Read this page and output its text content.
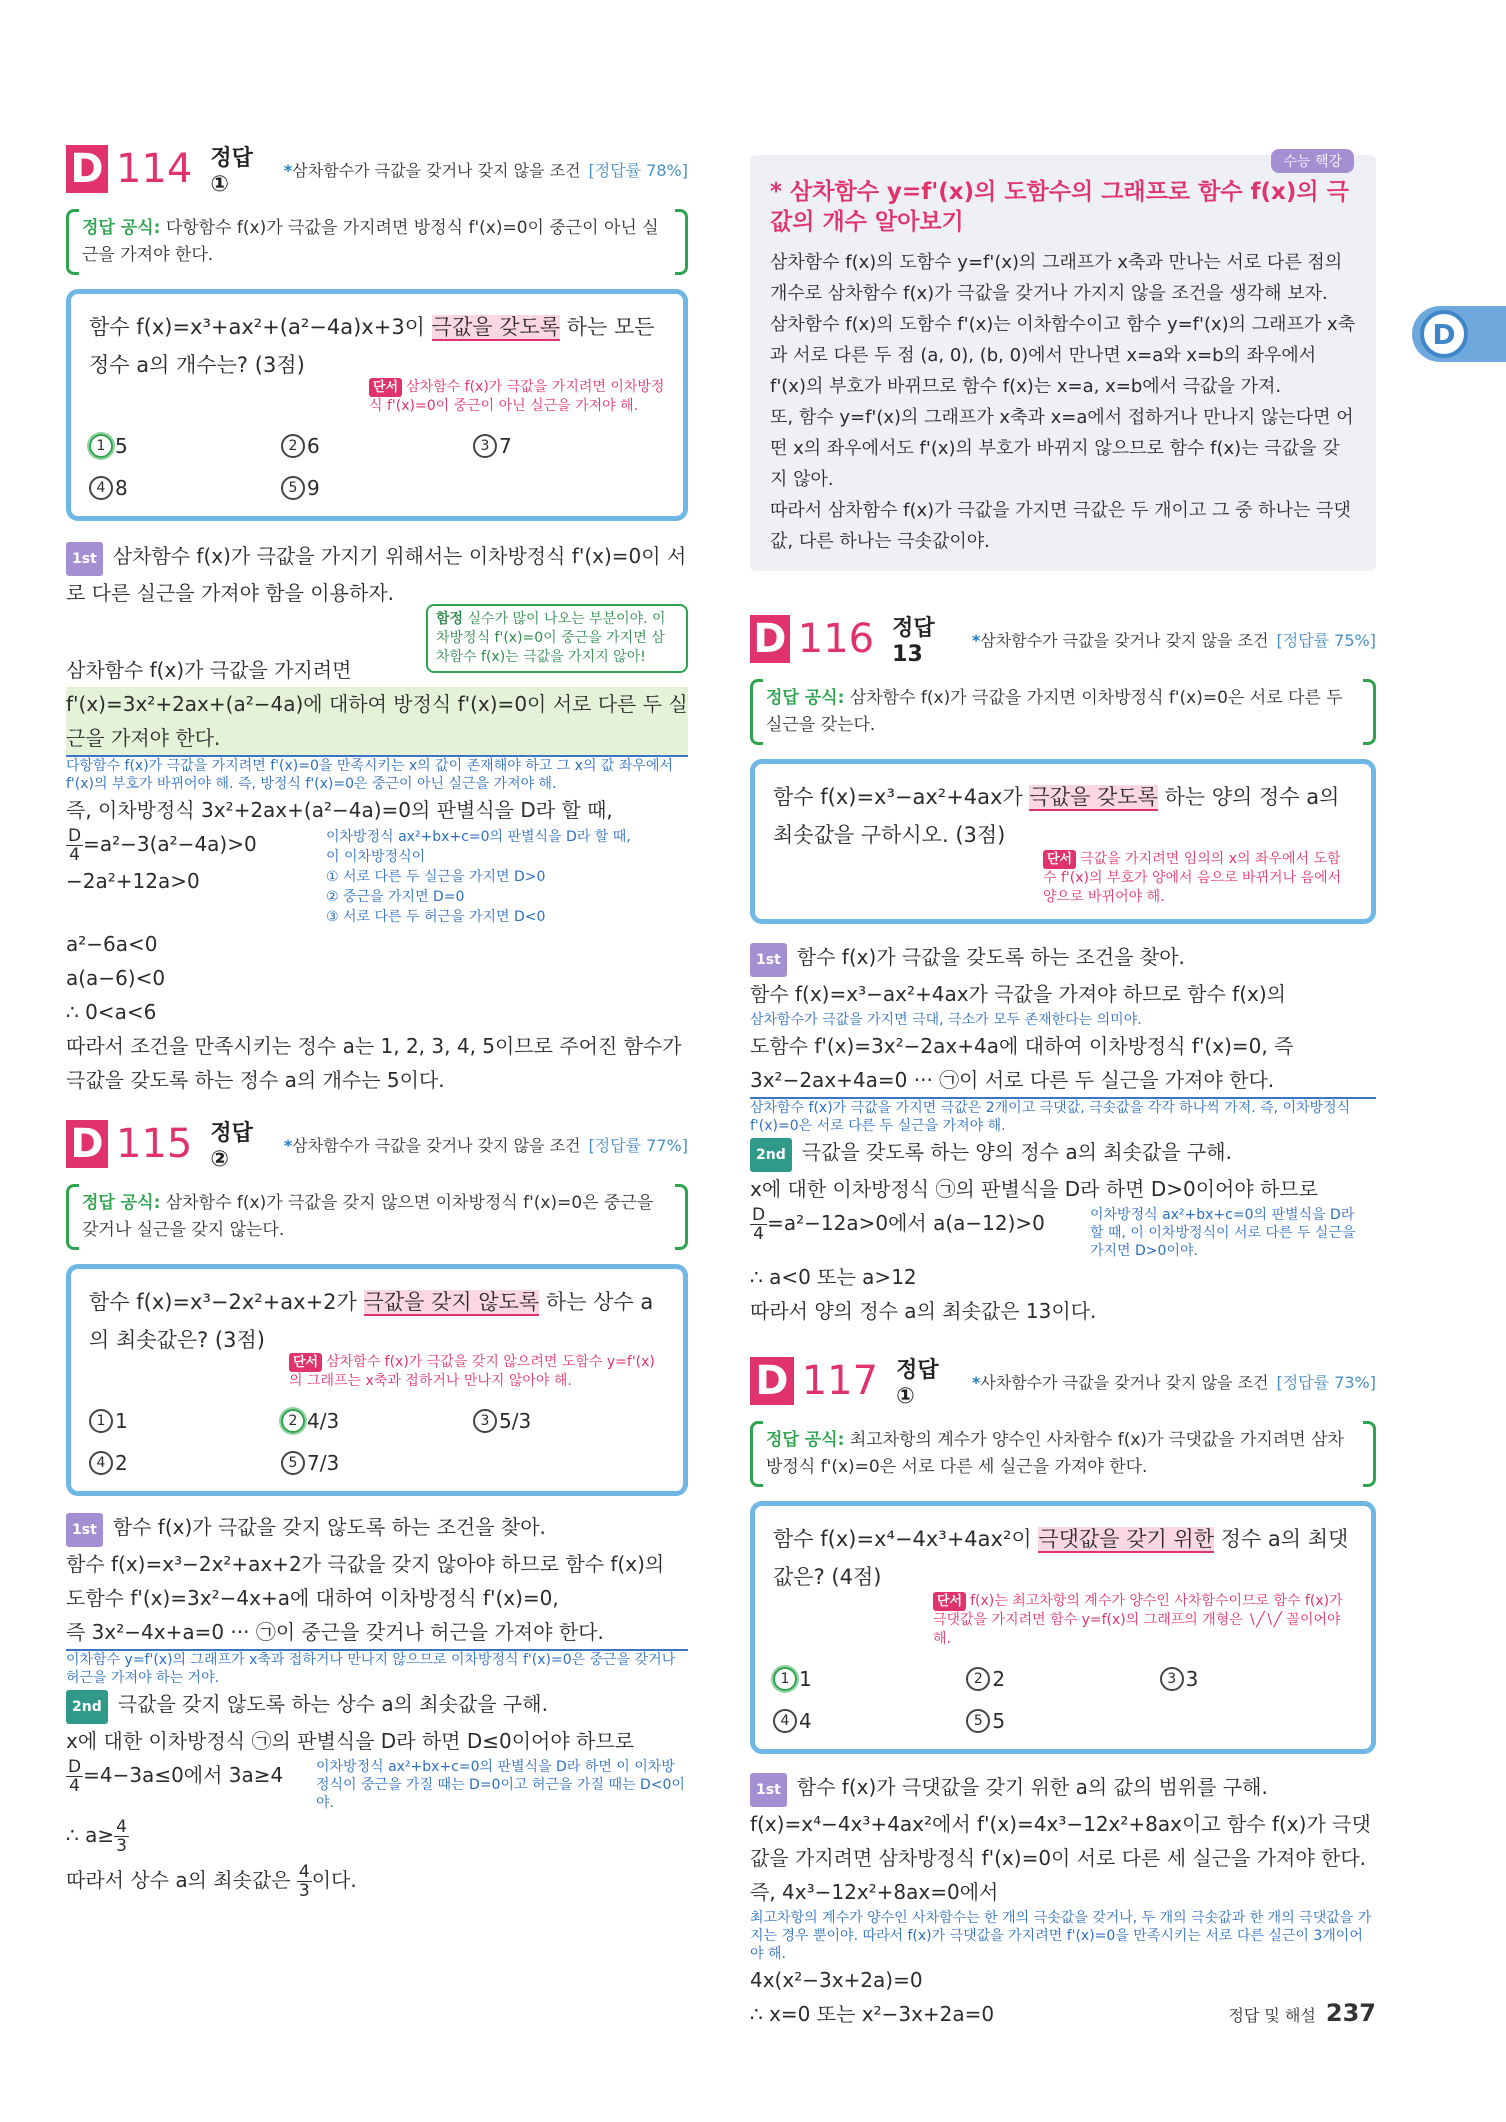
D
D 114 정답 ①
*삼차함수가 극값을 갖거나 갖지 않을 조건 [정답률 78%]
정답 공식: 다항함수 f(x)가 극값을 가지려면 방정식 f'(x)=0이 중근이 아닌 실근을 가져야 한다.
함수 f(x)=x³+ax²+(a²−4a)x+3이 극값을 갖도록 하는 모든 정수 a의 개수는? (3점)
단서 삼차함수 f(x)가 극값을 가지려면 이차방정식 f'(x)=0이 중근이 아닌 실근을 가져야 해.
1 5	2 6	3 7
4 8	5 9
1st 삼차함수 f(x)가 극값을 가지기 위해서는 이차방정식 f'(x)=0이 서로 다른 실근을 가져야 함을 이용하자.
함정 실수가 많이 나오는 부분이야. 이차방정식 f'(x)=0이 중근을 가지면 삼차함수 f(x)는 극값을 가지지 않아!
삼차함수 f(x)가 극값을 가지려면
f'(x)=3x²+2ax+(a²−4a)에 대하여 방정식 f'(x)=0이 서로 다른 두 실근을 가져야 한다.
다항함수 f(x)가 극값을 가지려면 f'(x)=0을 만족시키는 x의 값이 존재해야 하고 그 x의 값 좌우에서 f'(x)의 부호가 바뀌어야 해. 즉, 방정식 f'(x)=0은 중근이 아닌 실근을 가져야 해.
즉, 이차방정식 3x²+2ax+(a²−4a)=0의 판별식을 D라 할 때,
$\frac{D}{4} =a^2-3(a^2-4a)>0$
−2a²+12a>0
이차방정식 ax²+bx+c=0의 판별식을 D라 할 때,
이 이차방정식이
① 서로 다른 두 실근을 가지면 D>0
② 중근을 가지면 D=0
③ 서로 다른 두 허근을 가지면 D<0
a²−6a<0
a(a−6)<0
∴ 0<a<6
따라서 조건을 만족시키는 정수 a는 1, 2, 3, 4, 5이므로 주어진 함수가 극값을 갖도록 하는 정수 a의 개수는 5이다.
D 115 정답 ②
*삼차함수가 극값을 갖거나 갖지 않을 조건 [정답률 77%]
정답 공식: 삼차함수 f(x)가 극값을 갖지 않으면 이차방정식 f'(x)=0은 중근을 갖거나 실근을 갖지 않는다.
함수 f(x)=x³−2x²+ax+2가 극값을 갖지 않도록 하는 상수 a의 최솟값은? (3점)
단서 삼차함수 f(x)가 극값을 갖지 않으려면 도함수 y=f'(x)의 그래프는 x축과 접하거나 만나지 않아야 해.
1 1	2 4/3	3 5/3
4 2	5 7/3
1st 함수 f(x)가 극값을 갖지 않도록 하는 조건을 찾아.
함수 f(x)=x³−2x²+ax+2가 극값을 갖지 않아야 하므로 함수 f(x)의 도함수 f'(x)=3x²−4x+a에 대하여 이차방정식 f'(x)=0,
즉 3x²−4x+a=0 ··· ㉠이 중근을 갖거나 허근을 가져야 한다.
이차함수 y=f'(x)의 그래프가 x축과 접하거나 만나지 않으므로 이차방정식 f'(x)=0은 중근을 갖거나 허근을 가져야 하는 거야.
2nd 극값을 갖지 않도록 하는 상수 a의 최솟값을 구해.
x에 대한 이차방정식 ㉠의 판별식을 D라 하면 D≤0이어야 하므로
$\frac{D}{4} =4-3a\le 0$에서 3a≥4	이차방정식 ax²+bx+c=0의 판별식을 D라 하면 이 이차방정식이 중근을 가질 때는 D=0이고 허근을 가질 때는 D<0이야.
∴ $a\ge \frac{4}{3}$
따라서 상수 a의 최솟값은 $\frac{4}{3}$ 이다.
수능 핵강
* 삼차함수 y=f'(x)의 도함수의 그래프로 함수 f(x)의 극값의 개수 알아보기
삼차함수 f(x)의 도함수 y=f'(x)의 그래프가 x축과 만나는 서로 다른 점의 개수로 삼차함수 f(x)가 극값을 갖거나 가지지 않을 조건을 생각해 보자.
삼차함수 f(x)의 도함수 f'(x)는 이차함수이고 함수 y=f'(x)의 그래프가 x축과 서로 다른 두 점 (a, 0), (b, 0)에서 만나면 x=a와 x=b의 좌우에서 f'(x)의 부호가 바뀌므로 함수 f(x)는 x=a, x=b에서 극값을 가져.
또, 함수 y=f'(x)의 그래프가 x축과 x=a에서 접하거나 만나지 않는다면 어떤 x의 좌우에서도 f'(x)의 부호가 바뀌지 않으므로 함수 f(x)는 극값을 갖지 않아.
따라서 삼차함수 f(x)가 극값을 가지면 극값은 두 개이고 그 중 하나는 극댓값, 다른 하나는 극솟값이야.
D 116 정답 13
*삼차함수가 극값을 갖거나 갖지 않을 조건 [정답률 75%]
정답 공식: 삼차함수 f(x)가 극값을 가지면 이차방정식 f'(x)=0은 서로 다른 두 실근을 갖는다.
함수 f(x)=x³−ax²+4ax가 극값을 갖도록 하는 양의 정수 a의 최솟값을 구하시오. (3점)
단서 극값을 가지려면 임의의 x의 좌우에서 도함수 f'(x)의 부호가 양에서 음으로 바뀌거나 음에서 양으로 바뀌어야 해.
1st 함수 f(x)가 극값을 갖도록 하는 조건을 찾아.
함수 f(x)=x³−ax²+4ax가 극값을 가져야 하므로 함수 f(x)의
삼차함수가 극값을 가지면 극대, 극소가 모두 존재한다는 의미야.
도함수 f'(x)=3x²−2ax+4a에 대하여 이차방정식 f'(x)=0, 즉
3x²−2ax+4a=0 ··· ㉠이 서로 다른 두 실근을 가져야 한다.
삼차함수 f(x)가 극값을 가지면 극값은 2개이고 극댓값, 극솟값을 각각 하나씩 가져. 즉, 이차방정식 f'(x)=0은 서로 다른 두 실근을 가져야 해.
2nd 극값을 갖도록 하는 양의 정수 a의 최솟값을 구해.
x에 대한 이차방정식 ㉠의 판별식을 D라 하면 D>0이어야 하므로
$\frac{D}{4} =a^2-12a>0$에서 a(a−12)>0	이차방정식 ax²+bx+c=0의 판별식을 D라 할 때, 이 이차방정식이 서로 다른 두 실근을 가지면 D>0이야.
∴ a<0 또는 a>12
따라서 양의 정수 a의 최솟값은 13이다.
D 117 정답 ①
*사차함수가 극값을 갖거나 갖지 않을 조건 [정답률 73%]
정답 공식: 최고차항의 계수가 양수인 사차함수 f(x)가 극댓값을 가지려면 삼차방정식 f'(x)=0은 서로 다른 세 실근을 가져야 한다.
함수 f(x)=x⁴−4x³+4ax²이 극댓값을 갖기 위한 정수 a의 최댓값은? (4점)
단서 f(x)는 최고차항의 계수가 양수인 사차함수이므로 함수 f(x)가 극댓값을 가지려면 함수 y=f(x)의 그래프의 개형은 ∖╱∖╱ 꼴이어야 해.
1 1	2 2	3 3
4 4	5 5
1st 함수 f(x)가 극댓값을 갖기 위한 a의 값의 범위를 구해.
f(x)=x⁴−4x³+4ax²에서 f'(x)=4x³−12x²+8ax이고 함수 f(x)가 극댓값을 가지려면 삼차방정식 f'(x)=0이 서로 다른 세 실근을 가져야 한다. 즉, 4x³−12x²+8ax=0에서
최고차항의 계수가 양수인 사차함수는 한 개의 극솟값을 갖거나, 두 개의 극솟값과 한 개의 극댓값을 가지는 경우 뿐이야. 따라서 f(x)가 극댓값을 가지려면 f'(x)=0을 만족시키는 서로 다른 실근이 3개이어야 해.
4x(x²−3x+2a)=0
∴ x=0 또는 x²−3x+2a=0	정답 및 해설 237
